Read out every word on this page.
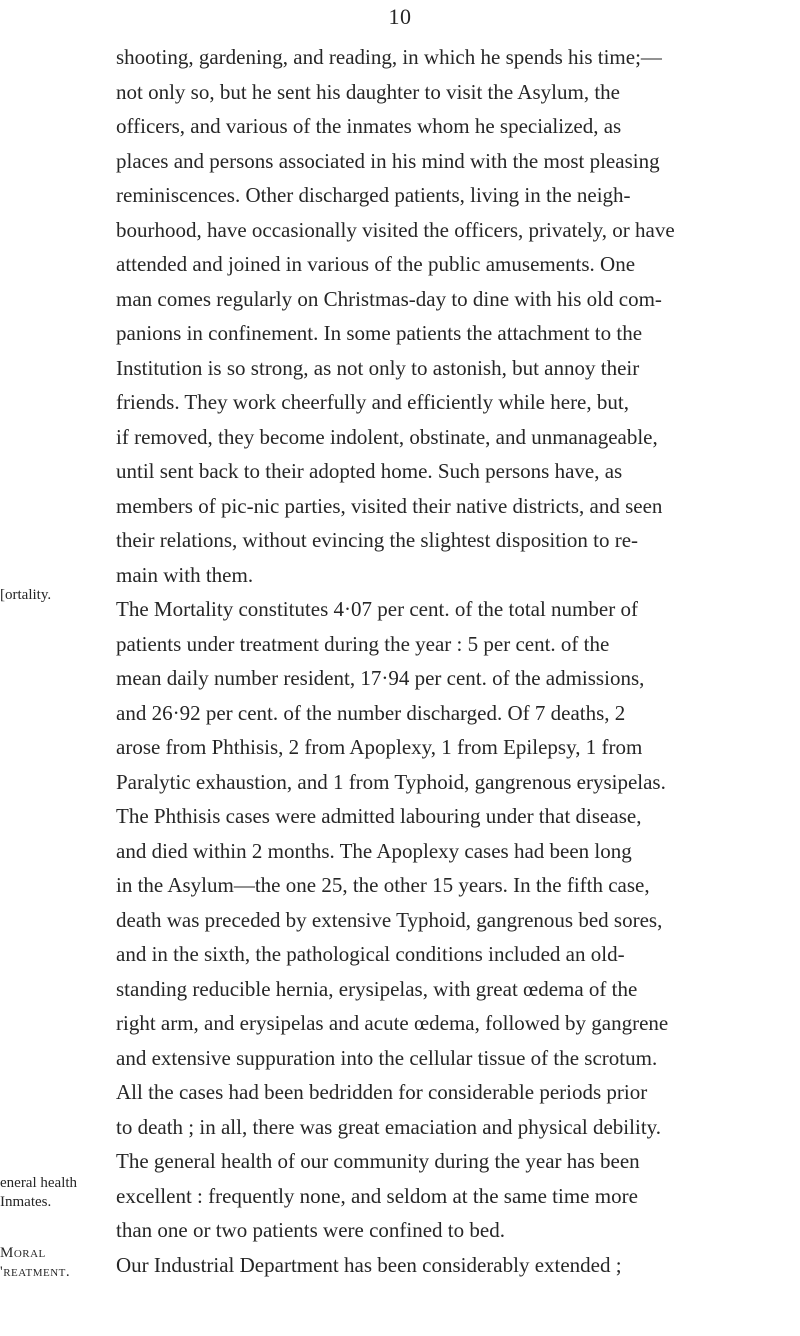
10
[ortality.
eneral health
Inmates.
Moral
'reatment.
shooting, gardening, and reading, in which he spends his time;—
not only so, but he sent his daughter to visit the Asylum, the
officers, and various of the inmates whom he specialized, as
places and persons associated in his mind with the most pleasing
reminiscences. Other discharged patients, living in the neigh-
bourhood, have occasionally visited the officers, privately, or have
attended and joined in various of the public amusements. One
man comes regularly on Christmas-day to dine with his old com-
panions in confinement. In some patients the attachment to the
Institution is so strong, as not only to astonish, but annoy their
friends. They work cheerfully and efficiently while here, but,
if removed, they become indolent, obstinate, and unmanageable,
until sent back to their adopted home. Such persons have, as
members of pic-nic parties, visited their native districts, and seen
their relations, without evincing the slightest disposition to re-
main with them.
The Mortality constitutes 4·07 per cent. of the total number of
patients under treatment during the year : 5 per cent. of the
mean daily number resident, 17·94 per cent. of the admissions,
and 26·92 per cent. of the number discharged. Of 7 deaths, 2
arose from Phthisis, 2 from Apoplexy, 1 from Epilepsy, 1 from
Paralytic exhaustion, and 1 from Typhoid, gangrenous erysipelas.
The Phthisis cases were admitted labouring under that disease,
and died within 2 months. The Apoplexy cases had been long
in the Asylum—the one 25, the other 15 years. In the fifth case,
death was preceded by extensive Typhoid, gangrenous bed sores,
and in the sixth, the pathological conditions included an old-
standing reducible hernia, erysipelas, with great œdema of the
right arm, and erysipelas and acute œdema, followed by gangrene
and extensive suppuration into the cellular tissue of the scrotum.
All the cases had been bedridden for considerable periods prior
to death ; in all, there was great emaciation and physical debility.
The general health of our community during the year has been
excellent : frequently none, and seldom at the same time more
than one or two patients were confined to bed.
Our Industrial Department has been considerably extended ;
